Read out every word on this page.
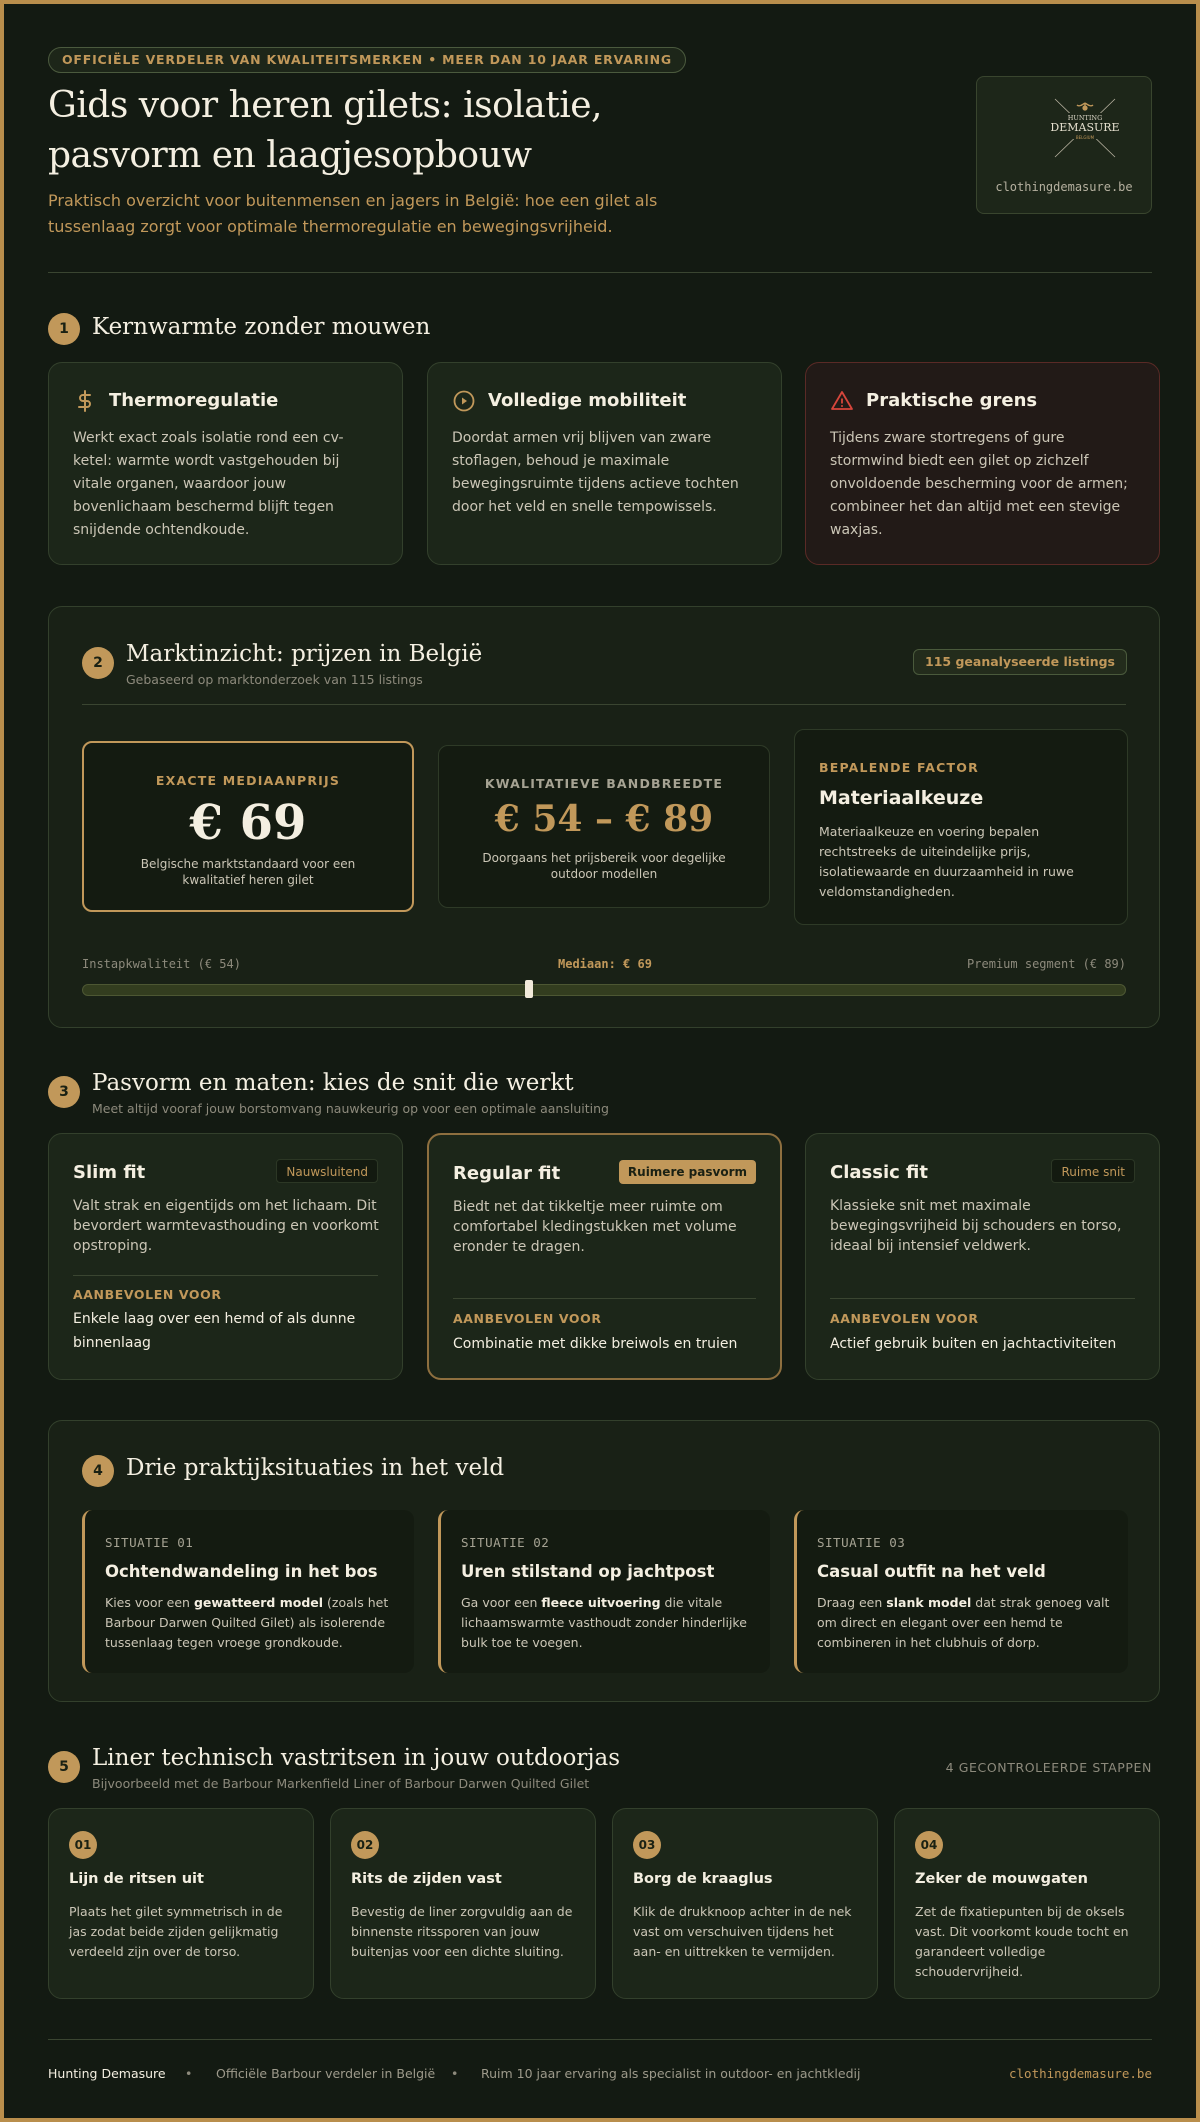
OFFICIËLE VERDELER VAN KWALITEITSMERKEN • MEER DAN 10 JAAR ERVARING
Gids voor heren gilets: isolatie, pasvorm en laagjesopbouw

Praktisch overzicht voor buitenmensen en jagers in België: hoe een gilet als tussenlaag zorgt voor optimale thermoregulatie en bewegingsvrijheid.

HUNTING
DEMASURE
BELGIUM
clothingdemasure.be
1	Kernwarmte zonder mouwen
Thermoregulatie
Werkt exact zoals isolatie rond een cv-ketel: warmte wordt vastgehouden bij vitale organen, waardoor jouw bovenlichaam beschermd blijft tegen snijdende ochtendkoude.
Volledige mobiliteit
Doordat armen vrij blijven van zware stoflagen, behoud je maximale bewegingsruimte tijdens actieve tochten door het veld en snelle tempowissels.
Praktische grens
Tijdens zware stortregens of gure stormwind biedt een gilet op zichzelf onvoldoende bescherming voor de armen; combineer het dan altijd met een stevige waxjas.
2	Marktinzicht: prijzen in België
Gebaseerd op marktonderzoek van 115 listings
115 geanalyseerde listings
EXACTE MEDIAANPRIJS
€ 69
Belgische marktstandaard voor een kwalitatief heren gilet
KWALITATIEVE BANDBREEDTE
€ 54 – € 89
Doorgaans het prijsbereik voor degelijke outdoor modellen
BEPALENDE FACTOR
Materiaalkeuze
Materiaalkeuze en voering bepalen rechtstreeks de uiteindelijke prijs, isolatiewaarde en duurzaamheid in ruwe veldomstandigheden.
Instapkwaliteit (€ 54)	Mediaan: € 69	Premium segment (€ 89)
3	Pasvorm en maten: kies de snit die werkt
Meet altijd vooraf jouw borstomvang nauwkeurig op voor een optimale aansluiting
Slim fit	Nauwsluitend
Valt strak en eigentijds om het lichaam. Dit bevordert warmtevasthouding en voorkomt opstroping.
AANBEVOLEN VOOR
Enkele laag over een hemd of als dunne binnenlaag
Regular fit	Ruimere pasvorm
Biedt net dat tikkeltje meer ruimte om comfortabel kledingstukken met volume eronder te dragen.
AANBEVOLEN VOOR
Combinatie met dikke breiwols en truien
Classic fit	Ruime snit
Klassieke snit met maximale bewegingsvrijheid bij schouders en torso, ideaal bij intensief veldwerk.
AANBEVOLEN VOOR
Actief gebruik buiten en jachtactiviteiten
4	Drie praktijksituaties in het veld
SITUATIE 01
Ochtendwandeling in het bos
Kies voor een gewatteerd model (zoals het Barbour Darwen Quilted Gilet) als isolerende tussenlaag tegen vroege grondkoude.
SITUATIE 02
Uren stilstand op jachtpost
Ga voor een fleece uitvoering die vitale lichaamswarmte vasthoudt zonder hinderlijke bulk toe te voegen.
SITUATIE 03
Casual outfit na het veld
Draag een slank model dat strak genoeg valt om direct en elegant over een hemd te combineren in het clubhuis of dorp.
5	Liner technisch vastritsen in jouw outdoorjas
Bijvoorbeeld met de Barbour Markenfield Liner of Barbour Darwen Quilted Gilet
4 GECONTROLEERDE STAPPEN
01
Lijn de ritsen uit
Plaats het gilet symmetrisch in de jas zodat beide zijden gelijkmatig verdeeld zijn over de torso.
02
Rits de zijden vast
Bevestig de liner zorgvuldig aan de binnenste ritssporen van jouw buitenjas voor een dichte sluiting.
03
Borg de kraaglus
Klik de drukknoop achter in de nek vast om verschuiven tijdens het aan- en uittrekken te vermijden.
04
Zeker de mouwgaten
Zet de fixatiepunten bij de oksels vast. Dit voorkomt koude tocht en garandeert volledige schoudervrijheid.
Hunting Demasure • Officiële Barbour verdeler in België • Ruim 10 jaar ervaring als specialist in outdoor- en jachtkledij	clothingdemasure.be
